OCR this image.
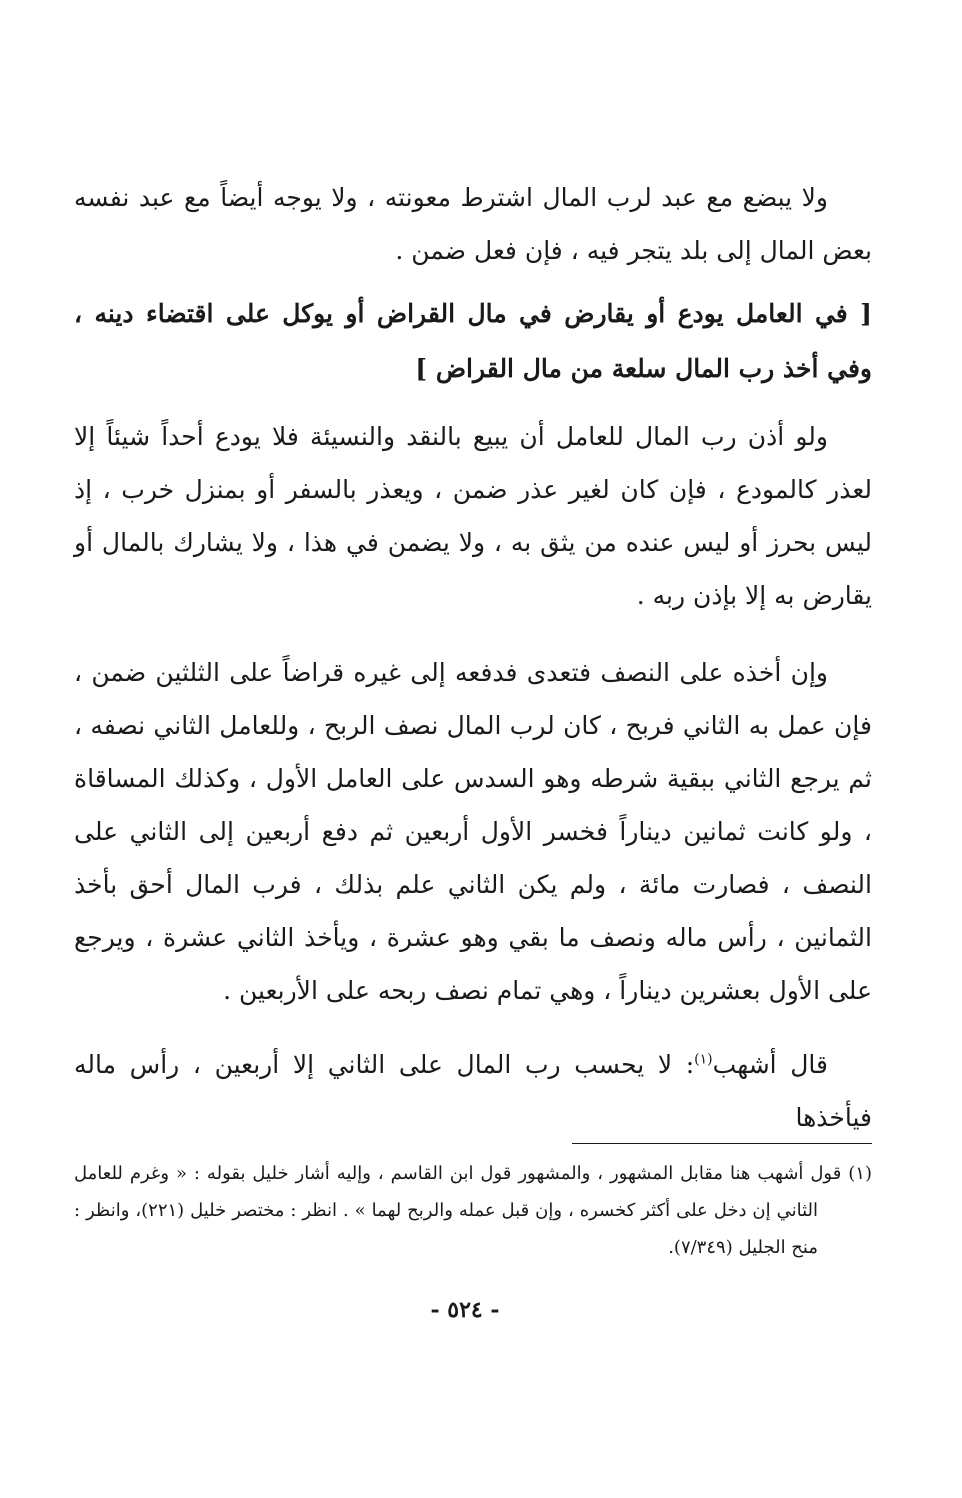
ولا يبضع مع عبد لرب المال اشترط معونته ، ولا يوجه أيضاً مع عبد نفسه بعض المال إلى بلد يتجر فيه ، فإن فعل ضمن .

[ في العامل يودع أو يقارض في مال القراض أو يوكل على اقتضاء دينه ، وفي أخذ رب المال سلعة من مال القراض ]

ولو أذن رب المال للعامل أن يبيع بالنقد والنسيئة فلا يودع أحداً شيئاً إلا لعذر كالمودع ، فإن كان لغير عذر ضمن ، ويعذر بالسفر أو بمنزل خرب ، إذ ليس بحرز أو ليس عنده من يثق به ، ولا يضمن في هذا ، ولا يشارك بالمال أو يقارض به إلا بإذن ربه .

وإن أخذه على النصف فتعدى فدفعه إلى غيره قراضاً على الثلثين ضمن ، فإن عمل به الثاني فربح ، كان لرب المال نصف الربح ، وللعامل الثاني نصفه ، ثم يرجع الثاني ببقية شرطه وهو السدس على العامل الأول ، وكذلك المساقاة ، ولو كانت ثمانين ديناراً فخسر الأول أربعين ثم دفع أربعين إلى الثاني على النصف ، فصارت مائة ، ولم يكن الثاني علم بذلك ، فرب المال أحق بأخذ الثمانين ، رأس ماله ونصف ما بقي وهو عشرة ، ويأخذ الثاني عشرة ، ويرجع على الأول بعشرين ديناراً ، وهي تمام نصف ربحه على الأربعين .

قال أشهب$^{(١)}$: لا يحسب رب المال على الثاني إلا أربعين ، رأس ماله فيأخذها

(١) قول أشهب هنا مقابل المشهور ، والمشهور قول ابن القاسم ، وإليه أشار خليل بقوله : « وغرم للعامل الثاني إن دخل على أكثر كخسره ، وإن قبل عمله والربح لهما » . انظر : مختصر خليل (٢٢١)، وانظر : منح الجليل (٧/٣٤٩).

- ٥٢٤ -
